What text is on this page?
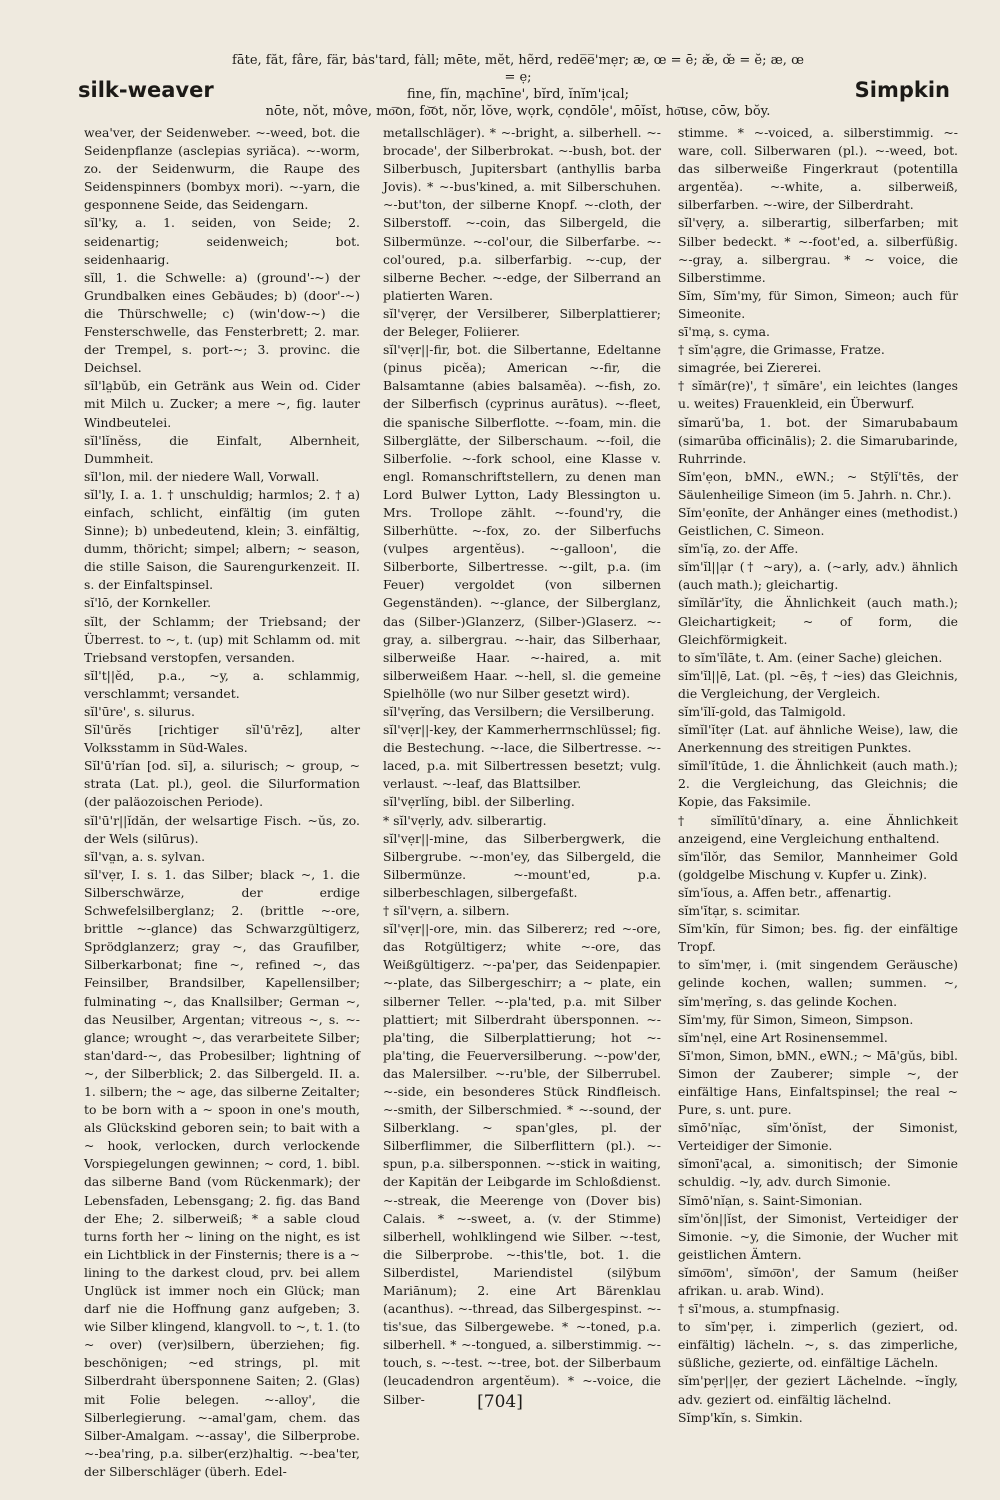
silk-weaver
fāte, făt, fâre, fär, bȧs'tard, fȧll; mēte, mĕt, hẽrd, rede̅e̅'mẹr; æ, œ = ē; æ̆, œ̆ = ĕ; æ, œ = ẹ;
fine, fĭn, mạchīne', bĭrd, ĭnĭm'ịcal;
nōte, nŏt, môve, mo͞on, fo͝ot, nŏr, lŏve, wọrk, cọndōle', mōĭst, ho͞use, cōw, bŏy.
Simpkin

wea'ver, der Seidenweber. ~-weed, bot. die Seidenpflanze (asclepias syriăca). ~-worm, zo. der Seidenwurm, die Raupe des Seidenspinners (bombyx mori). ~-yarn, die gesponnene Seide, das Seidengarn.

sĭl'ky, a. 1. seiden, von Seide; 2. seidenartig; seidenweich; bot. seidenhaarig.

sĭll, 1. die Schwelle: a) (ground'-~) der Grundbalken eines Gebäudes; b) (door'-~) die Thürschwelle; c) (win'dow-~) die Fensterschwelle, das Fensterbrett; 2. mar. der Trempel, s. port-~; 3. provinc. die Deichsel.

sĭl'la̤bŭb, ein Getränk aus Wein od. Cider mit Milch u. Zucker; a mere ~, fig. lauter Windbeutelei.

sĭl'lĭnĕss, die Einfalt, Albernheit, Dummheit.

sĭl'lon, mil. der niedere Wall, Vorwall.

sĭl'ly, I. a. 1. † unschuldig; harmlos; 2. † a) einfach, schlicht, einfältig (im guten Sinne); b) unbedeutend, klein; 3. einfältig, dumm, thöricht; simpel; albern; ~ season, die stille Saison, die Saurengurkenzeit. II. s. der Einfaltspinsel.

sĭ'lō, der Kornkeller.

sĭlt, der Schlamm; der Triebsand; der Überrest. to ~, t. (up) mit Schlamm od. mit Triebsand verstopfen, versanden.

sĭl't||ĕd, p.a., ~y, a. schlammig, verschlammt; versandet.

sĭl'ūre', s. silurus.

Sĭl'ūrĕs [richtiger sĭl'ū'rēz], alter Volksstamm in Süd-Wales.

Sĭl'ū'rĭan [od. sī], a. silurisch; ~ group, ~ strata (Lat. pl.), geol. die Silurformation (der paläozoischen Periode).

sĭl'ū'r||ĭdăn, der welsartige Fisch. ~ŭs, zo. der Wels (silūrus).

sĭl'va̤n, a. s. sylvan.

sĭl'vẹr, I. s. 1. das Silber; black ~, 1. die Silberschwärze, der erdige Schwefelsilberglanz; 2. (brittle ~-ore, brittle ~-glance) das Schwarzgültigerz, Sprödglanzerz; gray ~, das Graufilber, Silberkarbonat; fine ~, refined ~, das Feinsilber, Brandsilber, Kapellensilber; fulminating ~, das Knallsilber; German ~, das Neusilber, Argentan; vitreous ~, s. ~-glance; wrought ~, das verarbeitete Silber; stan'dard-~, das Probesilber; lightning of ~, der Silberblick; 2. das Silbergeld. II. a. 1. silbern; the ~ age, das silberne Zeitalter; to be born with a ~ spoon in one's mouth, als Glückskind geboren sein; to bait with a ~ hook, verlocken, durch verlockende Vorspiegelungen gewinnen; ~ cord, 1. bibl. das silberne Band (vom Rückenmark); der Lebensfaden, Lebensgang; 2. fig. das Band der Ehe; 2. silberweiß; * a sable cloud turns forth her ~ lining on the night, es ist ein Lichtblick in der Finsternis; there is a ~ lining to the darkest cloud, prv. bei allem Unglück ist immer noch ein Glück; man darf nie die Hoffnung ganz aufgeben; 3. wie Silber klingend, klangvoll. to ~, t. 1. (to ~ over) (ver)silbern, überziehen; fig. beschönigen; ~ed strings, pl. mit Silberdraht übersponnene Saiten; 2. (Glas) mit Folie belegen. ~-alloy', die Silberlegierung. ~-amal'gam, chem. das Silber-Amalgam. ~-assay', die Silberprobe. ~-bea'ring, p.a. silber(erz)haltig. ~-bea'ter, der Silberschläger (überh. Edel-

metallschläger). * ~-bright, a. silberhell. ~-brocade', der Silberbrokat. ~-bush, bot. der Silberbusch, Jupitersbart (anthyllis barba Jovis). * ~-bus'kined, a. mit Silberschuhen. ~-but'ton, der silberne Knopf. ~-cloth, der Silberstoff. ~-coin, das Silbergeld, die Silbermünze. ~-col'our, die Silberfarbe. ~-col'oured, p.a. silberfarbig. ~-cup, der silberne Becher. ~-edge, der Silberrand an platierten Waren.

sĭl'vẹrẹr, der Versilberer, Silberplattierer; der Beleger, Foliierer.

sĭl'vẹr||-fir, bot. die Silbertanne, Edeltanne (pinus picĕa); American ~-fir, die Balsamtanne (abies balsamĕa). ~-fish, zo. der Silberfisch (cyprinus aurātus). ~-fleet, die spanische Silberflotte. ~-foam, min. die Silberglätte, der Silberschaum. ~-foil, die Silberfolie. ~-fork school, eine Klasse v. engl. Romanschriftstellern, zu denen man Lord Bulwer Lytton, Lady Blessington u. Mrs. Trollope zählt. ~-found'ry, die Silberhütte. ~-fox, zo. der Silberfuchs (vulpes argentĕus). ~-galloon', die Silberborte, Silbertresse. ~-gilt, p.a. (im Feuer) vergoldet (von silbernen Gegenständen). ~-glance, der Silberglanz, das (Silber-)Glanzerz, (Silber-)Glaserz. ~-gray, a. silbergrau. ~-hair, das Silberhaar, silberweiße Haar. ~-haired, a. mit silberweißem Haar. ~-hell, sl. die gemeine Spielhölle (wo nur Silber gesetzt wird).

sĭl'vẹrĭng, das Versilbern; die Versilberung.

sĭl'vẹr||-key, der Kammerherrnschlüssel; fig. die Bestechung. ~-lace, die Silbertresse. ~-laced, p.a. mit Silbertressen besetzt; vulg. verlaust. ~-leaf, das Blattsilber.

sĭl'vẹrlĭng, bibl. der Silberling.

* sĭl'vẹrly, adv. silberartig.

sĭl'vẹr||-mine, das Silberbergwerk, die Silbergrube. ~-mon'ey, das Silbergeld, die Silbermünze. ~-mount'ed, p.a. silberbeschlagen, silbergefaßt.

† sĭl'vẹrn, a. silbern.

sĭl'vẹr||-ore, min. das Silbererz; red ~-ore, das Rotgültigerz; white ~-ore, das Weißgültigerz. ~-pa'per, das Seidenpapier. ~-plate, das Silbergeschirr; a ~ plate, ein silberner Teller. ~-pla'ted, p.a. mit Silber plattiert; mit Silberdraht übersponnen. ~-pla'ting, die Silberplattierung; hot ~-pla'ting, die Feuerversilberung. ~-pow'der, das Malersilber. ~-ru'ble, der Silberrubel. ~-side, ein besonderes Stück Rindfleisch. ~-smith, der Silberschmied. * ~-sound, der Silberklang. ~ span'gles, pl. der Silberflimmer, die Silberflittern (pl.). ~-spun, p.a. silbersponnen. ~-stick in waiting, der Kapitän der Leibgarde im Schloßdienst. ~-streak, die Meerenge von (Dover bis) Calais. * ~-sweet, a. (v. der Stimme) silberhell, wohlklingend wie Silber. ~-test, die Silberprobe. ~-this'tle, bot. 1. die Silberdistel, Mariendistel (silўbum Mariānum); 2. eine Art Bärenklau (acanthus). ~-thread, das Silbergespinst. ~-tis'sue, das Silbergewebe. * ~-toned, p.a. silberhell. * ~-tongued, a. silberstimmig. ~-touch, s. ~-test. ~-tree, bot. der Silberbaum (leucadendron argentĕum). * ~-voice, die Silber-

stimme. * ~-voiced, a. silberstimmig. ~-ware, coll. Silberwaren (pl.). ~-weed, bot. das silberweiße Fingerkraut (potentilla argentĕa). ~-white, a. silberweiß, silberfarben. ~-wire, der Silberdraht.

sĭl'vẹry, a. silberartig, silberfarben; mit Silber bedeckt. * ~-foot'ed, a. silberfüßig. ~-gray, a. silbergrau. * ~ voice, die Silberstimme.

Sĭm, Sĭm'my, für Simon, Simeon; auch für Simeonite.

sī'mạ, s. cyma.

† sĭm'ạgre, die Grimasse, Fratze.

simagrée, bei Ziererei.

† sĭmär(re)', † sĭmāre', ein leichtes (langes u. weites) Frauenkleid, ein Überwurf.

sĭmarŭ'ba, 1. bot. der Simarubabaum (simarūba officinālis); 2. die Simarubarinde, Ruhrrinde.

Sĭm'ẹon, bMN., eWN.; ~ Stȳlĭ'tēs, der Säulenheilige Simeon (im 5. Jahrh. n. Chr.).

Sĭm'ẹonīte, der Anhänger eines (methodist.) Geistlichen, C. Simeon.

sĭm'ĭạ, zo. der Affe.

sĭm'ĭl||ạr († ~ary), a. (~arly, adv.) ähnlich (auch math.); gleichartig.

sĭmĭlăr'ĭty, die Ähnlichkeit (auch math.); Gleichartigkeit; ~ of form, die Gleichförmigkeit.

to sĭm'ĭlāte, t. Am. (einer Sache) gleichen.

sĭm'ĭl||ē, Lat. (pl. ~ēṣ, † ~ies) das Gleichnis, die Vergleichung, der Vergleich.

sĭm'ĭlĭ-gold, das Talmigold.

sĭmĭl'ĭtẹr (Lat. auf ähnliche Weise), law, die Anerkennung des streitigen Punktes.

sĭmĭl'ĭtūde, 1. die Ähnlichkeit (auch math.); 2. die Vergleichung, das Gleichnis; die Kopie, das Faksimile.

† sĭmĭlĭtū'dĭnary, a. eine Ähnlichkeit anzeigend, eine Vergleichung enthaltend.

sĭm'ĭlŏr, das Semilor, Mannheimer Gold (goldgelbe Mischung v. Kupfer u. Zink).

sĭm'ĭous, a. Affen betr., affenartig.

sĭm'ĭtạr, s. scimitar.

Sĭm'kĭn, für Simon; bes. fig. der einfältige Tropf.

to sĭm'mẹr, i. (mit singendem Geräusche) gelinde kochen, wallen; summen. ~, sĭm'mẹrĭng, s. das gelinde Kochen.

Sĭm'my, für Simon, Simeon, Simpson.

sĭm'nẹl, eine Art Rosinensemmel.

Sī'mon, Simon, bMN., eWN.; ~ Mā'gŭs, bibl. Simon der Zauberer; simple ~, der einfältige Hans, Einfaltspinsel; the real ~ Pure, s. unt. pure.

sīmō'nĭạc, sĭm'ŏnĭst, der Simonist, Verteidiger der Simonie.

sĭmonī'ạcal, a. simonitisch; der Simonie schuldig. ~ly, adv. durch Simonie.

Sĭmō'nĭạn, s. Saint-Simonian.

sĭm'ŏn||ĭst, der Simonist, Verteidiger der Simonie. ~y, die Simonie, der Wucher mit geistlichen Ämtern.

sĭmo͞om', sĭmo͞on', der Samum (heißer afrikan. u. arab. Wind).

† sī'mous, a. stumpfnasig.

to sĭm'pẹr, i. zimperlich (geziert, od. einfältig) lächeln. ~, s. das zimperliche, süßliche, gezierte, od. einfältige Lächeln.

sĭm'pẹr||ẹr, der geziert Lächelnde. ~ĭngly, adv. geziert od. einfältig lächelnd.

Sĭmp'kĭn, s. Simkin.

[704]
